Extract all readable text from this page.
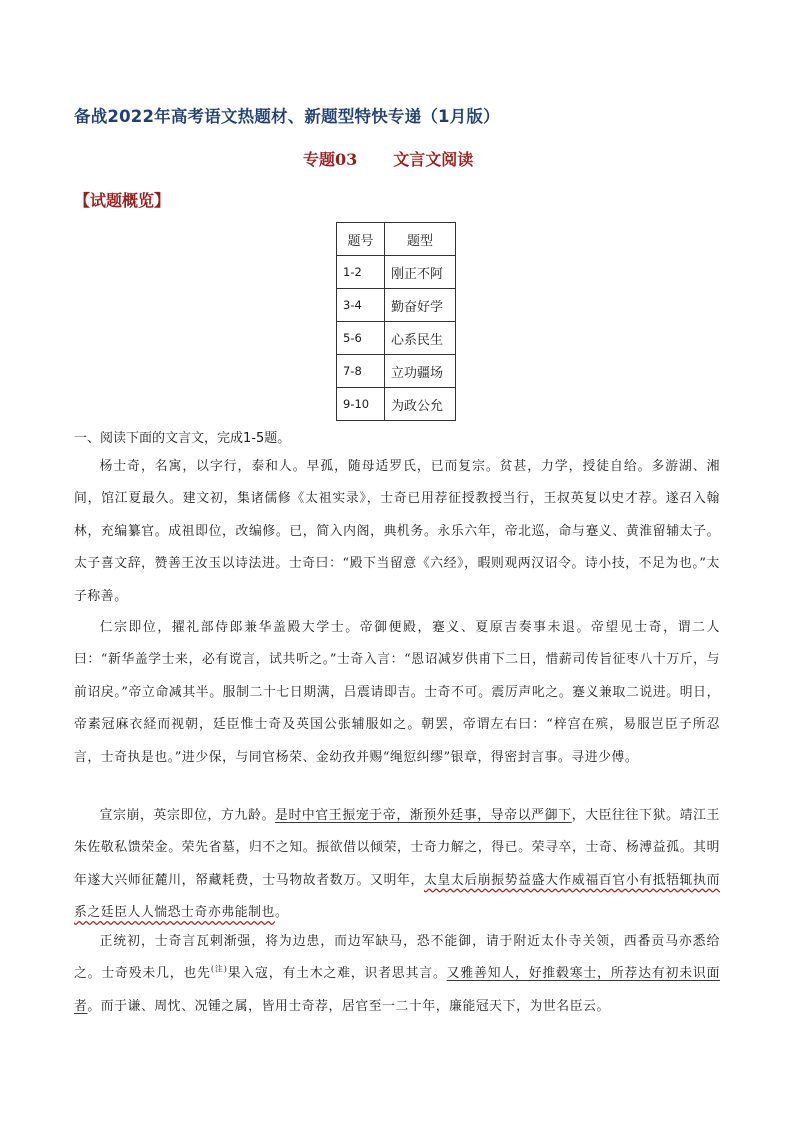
备战2022年高考语文热题材、新题型特快专递（1月版）
专题03 文言文阅读
【试题概览】
题号	题型
1-2	刚正不阿
3-4	勤奋好学
5-6	心系民生
7-8	立功疆场
9-10	为政公允

一、阅读下面的文言文，完成1-5题。

杨士奇，名寓，以字行，泰和人。早孤，随母适罗氏，已而复宗。贫甚，力学，授徒自给。多游湖、湘间，馆江夏最久。建文初，集诸儒修《太祖实录》，士奇已用荐征授教授当行，王叔英复以史才荐。遂召入翰林，充编纂官。成祖即位，改编修。已，简入内阁，典机务。永乐六年，帝北巡，命与蹇义、黄淮留辅太子。太子喜文辞，赞善王汝玉以诗法进。士奇曰：“殿下当留意《六经》，暇则观两汉诏令。诗小技，不足为也。”太子称善。

仁宗即位，擢礼部侍郎兼华盖殿大学士。帝御便殿，蹇义、夏原吉奏事未退。帝望见士奇，谓二人曰：“新华盖学士来，必有谠言，试共听之。”士奇入言：“恩诏减岁供甫下二日，惜薪司传旨征枣八十万斤，与前诏戾。”帝立命减其半。服制二十七日期满，吕震请即吉。士奇不可。震厉声叱之。蹇义兼取二说进。明日，帝素冠麻衣経而视朝，廷臣惟士奇及英国公张辅服如之。朝罢，帝谓左右曰：“梓宫在殡，易服岂臣子所忍言，士奇执是也。”进少保，与同官杨荣、金幼孜并赐“绳愆纠缪”银章，得密封言事。寻进少傅。

宣宗崩，英宗即位，方九龄。是时中官王振宠于帝，渐预外廷事，导帝以严御下，大臣往往下狱。靖江王朱佐敬私馈荣金。荣先省墓，归不之知。振欲借以倾荣，士奇力解之，得已。荣寻卒，士奇、杨溥益孤。其明年遂大兴师征麓川，帑藏耗费，士马物故者数万。又明年，太皇太后崩振势益盛大作威福百官小有抵牾辄执而系之廷臣人人惴恐士奇亦弗能制也。

正统初，士奇言瓦剌渐强，将为边患，而边军缺马，恐不能御，请于附近太仆寺关领，西番贡马亦悉给之。士奇殁未几，也先$^{(注)}$果入寇，有土木之难，识者思其言。又雅善知人，好推毂寒士，所荐达有初未识面者。而于谦、周忱、况锺之属，皆用士奇荐，居官至一二十年，廉能冠天下，为世名臣云。
